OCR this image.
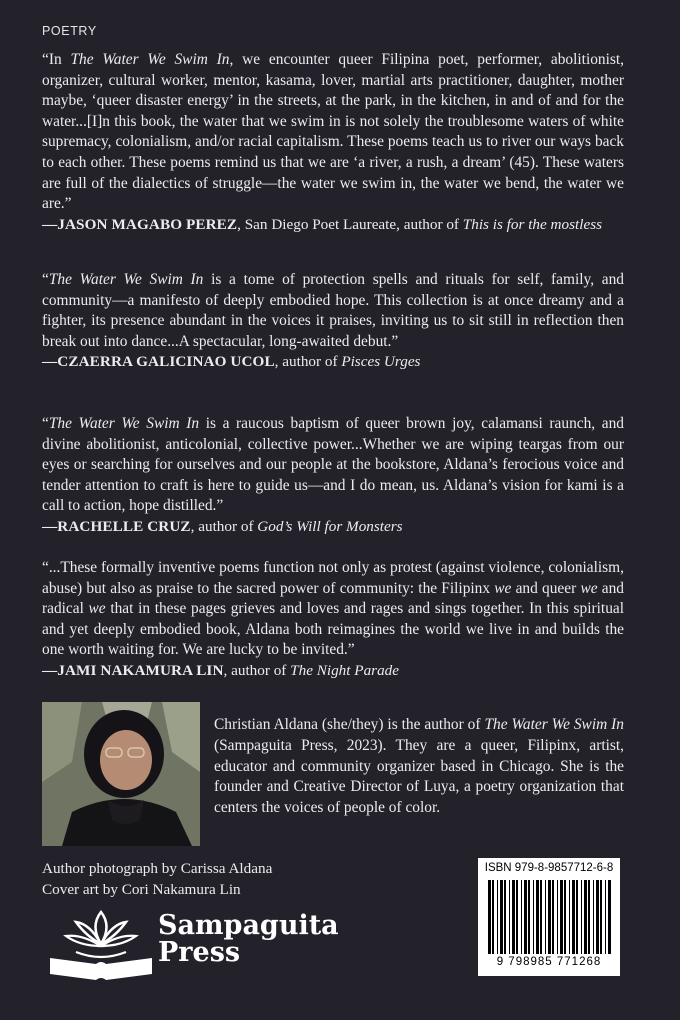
POETRY

“In The Water We Swim In, we encounter queer Filipina poet, performer, abolitionist, organizer, cultural worker, mentor, kasama, lover, martial arts practitioner, daughter, mother maybe, ‘queer disaster energy’ in the streets, at the park, in the kitchen, in and of and for the water...[I]n this book, the water that we swim in is not solely the troublesome waters of white supremacy, colonialism, and/or racial capitalism. These poems teach us to river our ways back to each other. These poems remind us that we are ‘a river, a rush, a dream’ (45). These waters are full of the dialectics of struggle—the water we swim in, the water we bend, the water we are.”

—JASON MAGABO PEREZ, San Diego Poet Laureate, author of This is for the mostless

“The Water We Swim In is a tome of protection spells and rituals for self, family, and community—a manifesto of deeply embodied hope. This collection is at once dreamy and a fighter, its presence abundant in the voices it praises, inviting us to sit still in reflection then break out into dance...A spectacular, long-awaited debut.”

—CZAERRA GALICINAO UCOL, author of Pisces Urges

“The Water We Swim In is a raucous baptism of queer brown joy, calamansi raunch, and divine abolitionist, anticolonial, collective power...Whether we are wiping teargas from our eyes or searching for ourselves and our people at the bookstore, Aldana’s ferocious voice and tender attention to craft is here to guide us—and I do mean, us. Aldana’s vision for kami is a call to action, hope distilled.”

—RACHELLE CRUZ, author of God’s Will for Monsters

“...These formally inventive poems function not only as protest (against violence, colonialism, abuse) but also as praise to the sacred power of community: the Filipinx we and queer we and radical we that in these pages grieves and loves and rages and sings together. In this spiritual and yet deeply embodied book, Aldana both reimagines the world we live in and builds the one worth waiting for. We are lucky to be invited.”

—JAMI NAKAMURA LIN, author of The Night Parade

Christian Aldana (she/they) is the author of The Water We Swim In (Sampaguita Press, 2023). They are a queer, Filipinx, artist, educator and community organizer based in Chicago. She is the founder and Creative Director of Luya, a poetry organization that centers the voices of people of color.

Author photograph by Carissa Aldana
Cover art by Cori Nakamura Lin
Sampaguita
Press
ISBN 979-8-9857712-6-8
9 798985 771268
